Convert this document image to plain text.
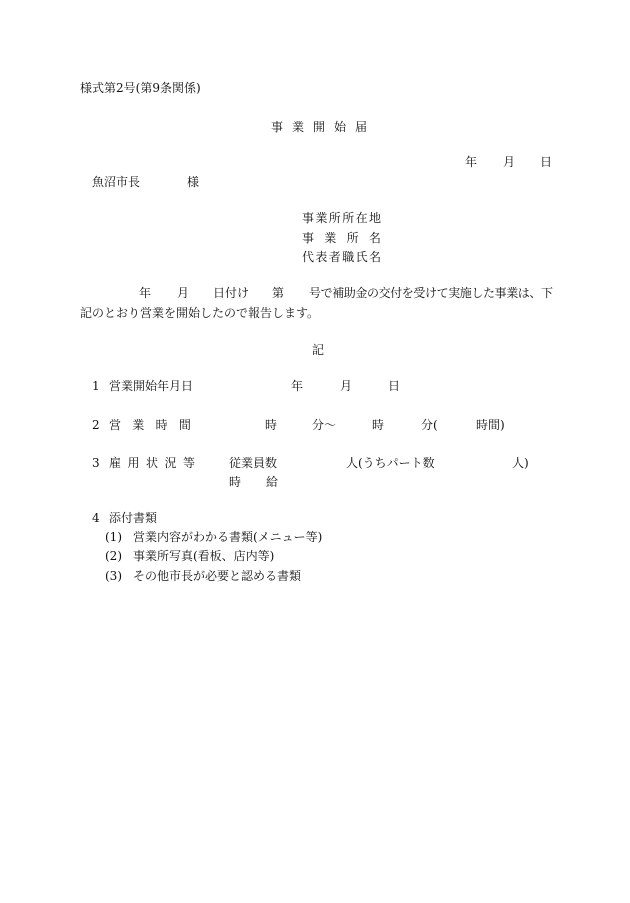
様式第2号(第9条関係)
事業開始届
年 月 日
魚沼市長	様
事業所所在地
事業所名
代表者職氏名
年 月 日付け 第 号で補助金の交付を受けて実施した事業は、下
記のとおり営業を開始したので報告します。
記
1 営業開始年月日	年	月	日
2 営業時間	時	分～	時	分(	時間)
3 雇用状況等 従業員数	人(うちパート数	人)
時給
4 添付書類
(1) 営業内容がわかる書類(メニュー等)
(2) 事業所写真(看板、店内等)
(3) その他市長が必要と認める書類
